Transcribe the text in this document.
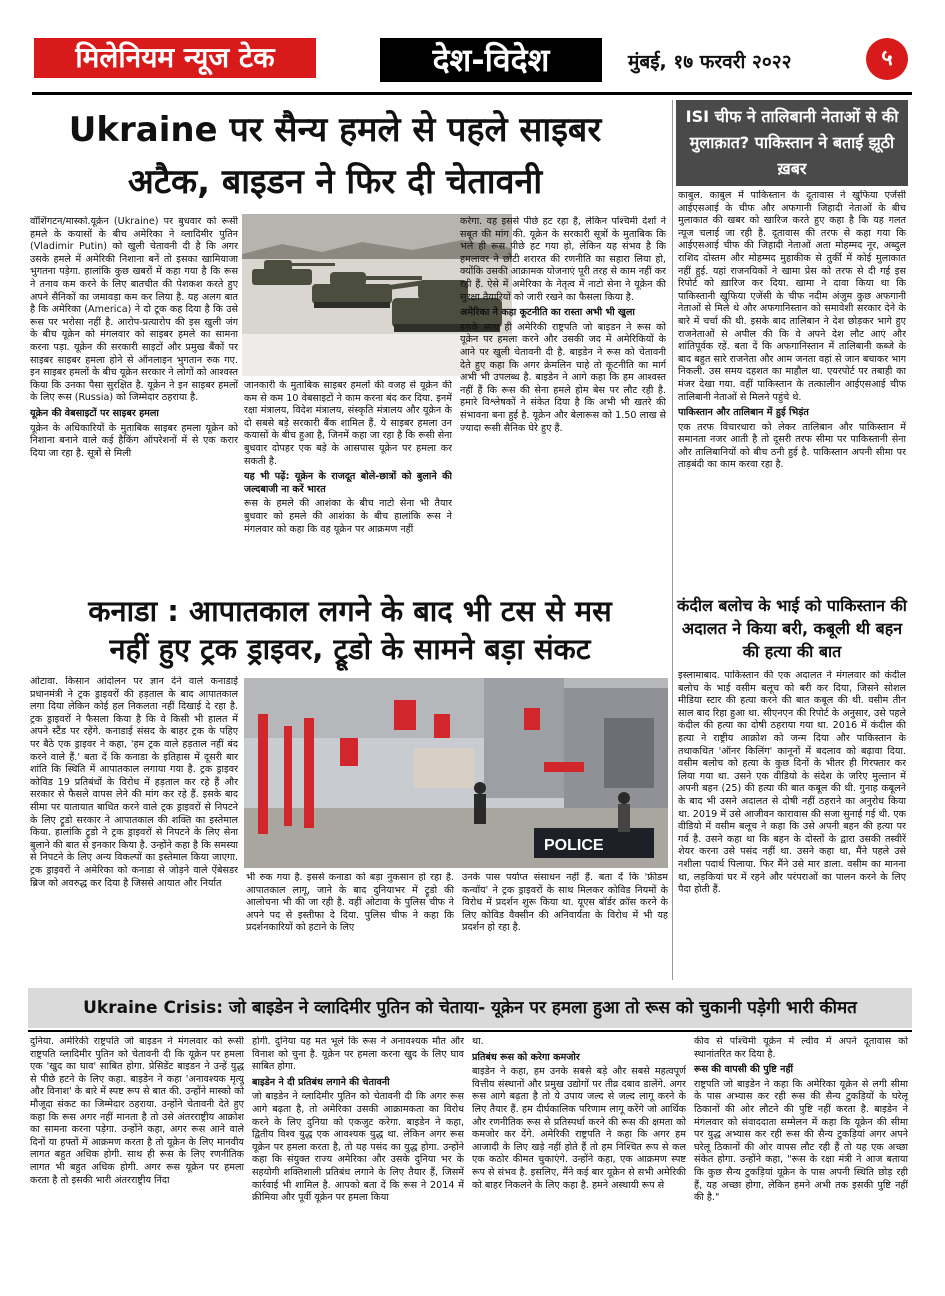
मिलेनियम न्यूज टेक	देश-विदेश	मुंबई, १७ फरवरी २०२२	५
Ukraine पर सैन्य हमले से पहले साइबर
अटैक, बाइडन ने फिर दी चेतावनी

वॉशिंगटन/मास्को.यूक्रेन (Ukraine) पर बुधवार को रूसी हमले के कयासों के बीच अमेरिका ने व्लादिमीर पुतिन (Vladimir Putin) को खुली चेतावनी दी है कि अगर उसके हमले में अमेरिकी निशाना बनें तो इसका खामियाजा भुगतना पड़ेगा. हालांकि कुछ खबरों में कहा गया है कि रूस ने तनाव कम करने के लिए बातचीत की पेशकश करते हुए अपने सैनिकों का जमावड़ा कम कर लिया है. यह अलग बात है कि अमेरिका (America) ने दो टूक कह दिया है कि उसे रूस पर भरोसा नहीं है. आरोप-प्रत्यारोप की इस खुली जंग के बीच यूक्रेन को मंगलवार को साइबर हमले का सामना करना पड़ा. यूक्रेन की सरकारी साइटों और प्रमुख बैंकों पर साइबर साइबर हमला होने से ऑनलाइन भुगतान रुक गए. इन साइबर हमलों के बीच यूक्रेन सरकार ने लोगों को आश्वस्त किया कि उनका पैसा सुरक्षित है. यूक्रेन ने इन साइबर हमलों के लिए रूस (Russia) को जिम्मेदार ठहराया है.

यूक्रेन की वेबसाइटों पर साइबर हमला

यूक्रेन के अधिकारियों के मुताबिक साइबर हमला यूक्रेन को निशाना बनाने वाले कई हैकिंग ऑपरेशनों में से एक करार दिया जा रहा है. सूत्रों से मिली

जानकारी के मुताबिक साइबर हमलों की वजह से यूक्रेन की कम से कम 10 वेबसाइटों ने काम करना बंद कर दिया. इनमें रक्षा मंत्रालय, विदेश मंत्रालय, संस्कृति मंत्रालय और यूक्रेन के दो सबसे बड़े सरकारी बैंक शामिल हैं. ये साइबर हमला उन कयासों के बीच हुआ है, जिनमें कहा जा रहा है कि रूसी सेना बुधवार दोपहर एक बड़े के आसपास यूक्रेन पर हमला कर सकती है.

यह भी पढ़ें: यूक्रेन के राजदूत बोले-छात्रों को बुलाने की जल्दबाजी ना करें भारत

रूस के हमले की आशंका के बीच नाटो सेना भी तैयार बुधवार को हमले की आशंका के बीच हालांकि रूस ने मंगलवार को कहा कि वह यूक्रेन पर आक्रमण नहीं

करेगा. वह इससे पीछे हट रहा है, लेकिन पश्चिमी देशों ने सबूत की मांग की. यूक्रेन के सरकारी सूत्रों के मुताबिक कि भले ही रूस पीछे हट गया हो, लेकिन यह संभव है कि हमलावर ने छोटी शरारत की रणनीति का सहारा लिया हो, क्योंकि उसकी आक्रामक योजनाएं पूरी तरह से काम नहीं कर रही हैं. ऐसे में अमेरिका के नेतृत्व में नाटो सेना ने यूक्रेन की सुरक्षा तैयारियों को जारी रखने का फैसला किया है.

अमेरिका ने कहा कूटनीति का रास्ता अभी भी खुला

इसके साथ ही अमेरिकी राष्ट्रपति जो बाइडन ने रूस को यूक्रेन पर हमला करने और उसकी जद में अमेरिकियों के आने पर खुली चेतावनी दी है. बाइडेन ने रूस को चेतावनी देते हुए कहा कि अगर क्रेमलिन चाहे तो कूटनीति का मार्ग अभी भी उपलब्ध है. बाइडेन ने आगे कहा कि हम आश्वस्त नहीं हैं कि रूस की सेना हमले होम बेस पर लौट रही है. हमारे विश्लेषकों ने संकेत दिया है कि अभी भी खतरे की संभावना बना हुई है. यूक्रेन और बेलारूस को 1.50 लाख से ज्यादा रूसी सैनिक घेरे हुए हैं.

ISI चीफ ने तालिबानी नेताओं से की मुलाक़ात? पाकिस्तान ने बताई झूठी ख़बर

काबुल. काबुल में पाकिस्तान के दूतावास ने खुफिया एजेंसी आईएसआई के चीफ और अफगानी जिहादी नेताओं के बीच मुलाकात की खबर को खारिज करते हुए कहा है कि यह गलत न्यूज चलाई जा रही है. दूतावास की तरफ से कहा गया कि आईएसआई चीफ की जिहादी नेताओं अता मोहम्मद नूर, अब्दुल राशिद दोस्तम और मोहम्मद मुहाकीक से तुर्की में कोई मुलाकात नहीं हुई. यहां राजनयिकों ने खामा प्रेस को तरफ से दी गई इस रिपोर्ट को ख़ारिज कर दिया. खामा ने दावा किया था कि पाकिस्तानी खुफिया एजेंसी के चीफ नदीम अंजुम कुछ अफगानी नेताओं से मिले थे और अफगानिस्तान को समावेशी सरकार देने के बारे में चर्चा की थी. इसके बाद तालिबान ने देश छोड़कर भागे हुए राजनेताओं से अपील की कि वे अपने देश लौट आएं और शांतिपूर्वक रहें. बता दें कि अफगानिस्तान में तालिबानी कब्जे के बाद बहुत सारे राजनेता और आम जनता वहां से जान बचाकर भाग निकली. उस समय दहशत का माहौल था. एयरपोर्ट पर तबाही का मंजर देखा गया. वहीं पाकिस्तान के तत्कालीन आईएसआई चीफ तालिबानी नेताओं से मिलने पहुंचे थे.

पाकिस्तान और तालिबान में हुई भिड़ंत

एक तरफ विचारधारा को लेकर तालिबान और पाकिस्तान में समानता नजर आती है तो दूसरी तरफ सीमा पर पाकिस्तानी सेना और तालिबानियों को बीच ठनी हुई है. पाकिस्तान अपनी सीमा पर ताड़बंदी का काम करवा रहा है.

कंदील बलोच के भाई को पाकिस्तान की अदालत ने किया बरी, कबूली थी बहन की हत्या की बात

इस्लामाबाद. पाकिस्तान की एक अदालत ने मंगलवार को कंदील बलोच के भाई वसीम बलूच को बरी कर दिया, जिसने सोशल मीडिया स्टार की हत्या करने की बात कबूल की थी. वसीम तीन साल बाद रिहा हुआ था. सीएनएन की रिपोर्ट के अनुसार, उसे पहले कंदील की हत्या का दोषी ठहराया गया था. 2016 में कंदील की हत्या ने राष्ट्रीय आक्रोश को जन्म दिया और पाकिस्तान के तथाकथित 'ऑनर किलिंग' कानूनों में बदलाव को बढ़ावा दिया. वसीम बलोच को हत्या के कुछ दिनों के भीतर ही गिरफ्तार कर लिया गया था. उसने एक वीडियो के संदेश के जरिए मुल्तान में अपनी बहन (25) की हत्या की बात कबूल की थी. गुनाह कबूलने के बाद भी उसने अदालत से दोषी नहीं ठहराने का अनुरोध किया था. 2019 में उसे आजीवन कारावास की सजा सुनाई गई थी. एक वीडियो में वसीम बलूच ने कहा कि उसे अपनी बहन की हत्या पर गर्व है. उसने कहा था कि बहन के दोस्तों के द्वारा उसकी तस्वीरें शेयर करना उसे पसंद नहीं था. उसने कहा था, मैंने पहले उसे नशीला पदार्थ पिलाया. फिर मैंने उसे मार डाला. वसीम का मानना था, लड़कियां घर में रहने और परंपराओं का पालन करने के लिए पैदा होती हैं.

कनाडा : आपातकाल लगने के बाद भी टस से मस
नहीं हुए ट्रक ड्राइवर, ट्रूडो के सामने बड़ा संकट

ओटावा. किसान आंदोलन पर ज्ञान देने वाले कनाडाई प्रधानमंत्री ने ट्रक ड्राइवरों की हड़ताल के बाद आपातकाल लगा दिया लेकिन कोई हल निकलता नहीं दिखाई दे रहा है. ट्रक ड्राइवरों ने फैसला किया है कि वे किसी भी हालत में अपने स्टैंड पर रहेंगे. कनाडाई संसद के बाहर ट्रक के पहिए पर बैठे एक ड्राइवर ने कहा, 'हम ट्रक वाले हड़ताल नहीं बंद करने वाले हैं.' बता दें कि कनाडा के इतिहास में दूसरी बार शांति कि स्थिति में आपातकाल लगाया गया है. ट्रक ड्राइवर कोविड 19 प्रतिबंधों के विरोध में हड़ताल कर रहे हैं और सरकार से फैसले वापस लेने की मांग कर रहे हैं. इसके बाद सीमा पर यातायात बाधित करने वाले ट्रक ड्राइवरों से निपटने के लिए ट्रूडो सरकार ने आपातकाल की शक्ति का इस्तेमाल किया. हालांकि ट्रूडो ने ट्रक ड्राइवरों से निपटने के लिए सेना बुलाने की बात से इनकार किया है. उन्होंने कहा है कि समस्या से निपटने के लिए अन्य विकल्पों का इस्तेमाल किया जाएगा. ट्रक ड्राइवरों ने अमेरिका को कनाडा से जोड़ने वाले ऐंबेसडर ब्रिज को अवरुद्ध कर दिया है जिससे आयात और निर्यात

POLICE

भी रुक गया है. इससे कनाडा को बड़ा नुकसान हो रहा है. आपातकाल लागू, जाने के बाद दुनियाभर में ट्रूडो की आलोचना भी की जा रही है. वहीं ओटावा के पुलिस चीफ ने अपने पद से इस्तीफा दे दिया. पुलिस चीफ ने कहा कि प्रदर्शनकारियों को हटाने के लिए

उनके पास पर्याप्त संसाधन नहीं हैं. बता दें कि 'फ्रीडम कन्वॉय' ने ट्रक ड्राइवरों के साथ मिलकर कोविड नियमों के विरोध में प्रदर्शन शुरू किया था. यूएस बॉर्डर क्रॉस करने के लिए कोविड वैक्सीन की अनिवार्यता के विरोध में भी यह प्रदर्शन हो रहा है.

Ukraine Crisis: जो बाइडेन ने व्लादिमीर पुतिन को चेताया- यूक्रेन पर हमला हुआ तो रूस को चुकानी पड़ेगी भारी कीमत

दुनिया. अमेरिकी राष्ट्रपति जो बाइडन ने मंगलवार को रूसी राष्ट्रपति व्लादिमीर पुतिन को चेतावनी दी कि यूक्रेन पर हमला एक 'खुद का घाव' साबित होगा. प्रेसिडेंट बाइडन ने उन्हें युद्ध से पीछे हटने के लिए कहा. बाइडेन ने कहा 'अनावश्यक मृत्यु और विनाश' के बारे में स्पष्ट रूप से बात की. उन्होंने मास्को को मौजूदा संकट का जिम्मेदार ठहराया. उन्होंने चेतावनी देते हुए कहा कि रूस अगर नहीं मानता है तो उसे अंतरराष्ट्रीय आक्रोश का सामना करना पड़ेगा. उन्होंने कहा, अगर रूस आने वाले दिनों या हफ्तों में आक्रमण करता है तो यूक्रेन के लिए मानवीय लागत बहुत अधिक होगी. साथ ही रूस के लिए रणनीतिक लागत भी बहुत अधिक होगी. अगर रूस यूक्रेन पर हमला करता है तो इसकी भारी अंतरराष्ट्रीय निंदा

होगी. दुनिया यह मत भूले कि रूस ने अनावश्यक मौत और विनाश को चुना है. यूक्रेन पर हमला करना खुद के लिए घाव साबित होगा.

बाइडेन ने दी प्रतिबंध लगाने की चेतावनी

जो बाइडेन ने व्लादिमीर पुतिन को चेतावनी दी कि अगर रूस आगे बढ़ता है, तो अमेरिका उसकी आक्रामकता का विरोध करने के लिए दुनिया को एकजुट करेगा. बाइडेन ने कहा, द्वितीय विश्व युद्ध एक आवश्यक युद्ध था. लेकिन अगर रूस यूक्रेन पर हमला करता है, तो यह पसंद का युद्ध होगा. उन्होंने कहा कि संयुक्त राज्य अमेरिका और उसके दुनिया भर के सहयोगी शक्तिशाली प्रतिबंध लगाने के लिए तैयार हैं, जिसमें कार्रवाई भी शामिल है. आपको बता दें कि रूस ने 2014 में क्रीमिया और पूर्वी यूक्रेन पर हमला किया

था.

प्रतिबंध रूस को करेगा कमजोर

बाइडेन ने कहा, हम उनके सबसे बड़े और सबसे महत्वपूर्ण वित्तीय संस्थानों और प्रमुख उद्योगों पर तीव्र दबाव डालेंगे. अगर रूस आगे बढ़ता है तो ये उपाय जल्द से जल्द लागू करने के लिए तैयार हैं. हम दीर्घकालिक परिणाम लागू करेंगे जो आर्थिक और रणनीतिक रूस से प्रतिस्पर्धा करने की रूस की क्षमता को कमजोर कर देंगे. अमेरिकी राष्ट्रपति ने कहा कि अगर हम आजादी के लिए खड़े नहीं होते हैं तो हम निश्चित रूप से कल एक कठोर कीमत चुकाएंगे. उन्होंने कहा, एक आक्रमण स्पष्ट रूप से संभव है. इसलिए, मैंने कई बार यूक्रेन से सभी अमेरिकी को बाहर निकलने के लिए कहा है. हमने अस्थायी रूप से

कीव से पश्चिमी यूक्रेन में ल्वीव में अपने दूतावास को स्थानांतरित कर दिया है.

रूस की वापसी की पुष्टि नहीं

राष्ट्रपति जो बाइडेन ने कहा कि अमेरिका यूक्रेन से लगी सीमा के पास अभ्यास कर रही रूस की सैन्य टुकड़ियों के घरेलू ठिकानों की ओर लौटने की पुष्टि नहीं करता है. बाइडेन ने मंगलवार को संवाददाता सम्मेलन में कहा कि यूक्रेन की सीमा पर युद्ध अभ्यास कर रही रूस की सैन्य टुकड़ियां अगर अपने घरेलू ठिकानों की ओर वापस लौट रही हैं तो यह एक अच्छा संकेत होगा. उन्होंने कहा, "रूस के रक्षा मंत्री ने आज बताया कि कुछ सैन्य टुकड़ियां यूक्रेन के पास अपनी स्थिति छोड़ रही हैं, यह अच्छा होगा, लेकिन हमने अभी तक इसकी पुष्टि नहीं की है."
